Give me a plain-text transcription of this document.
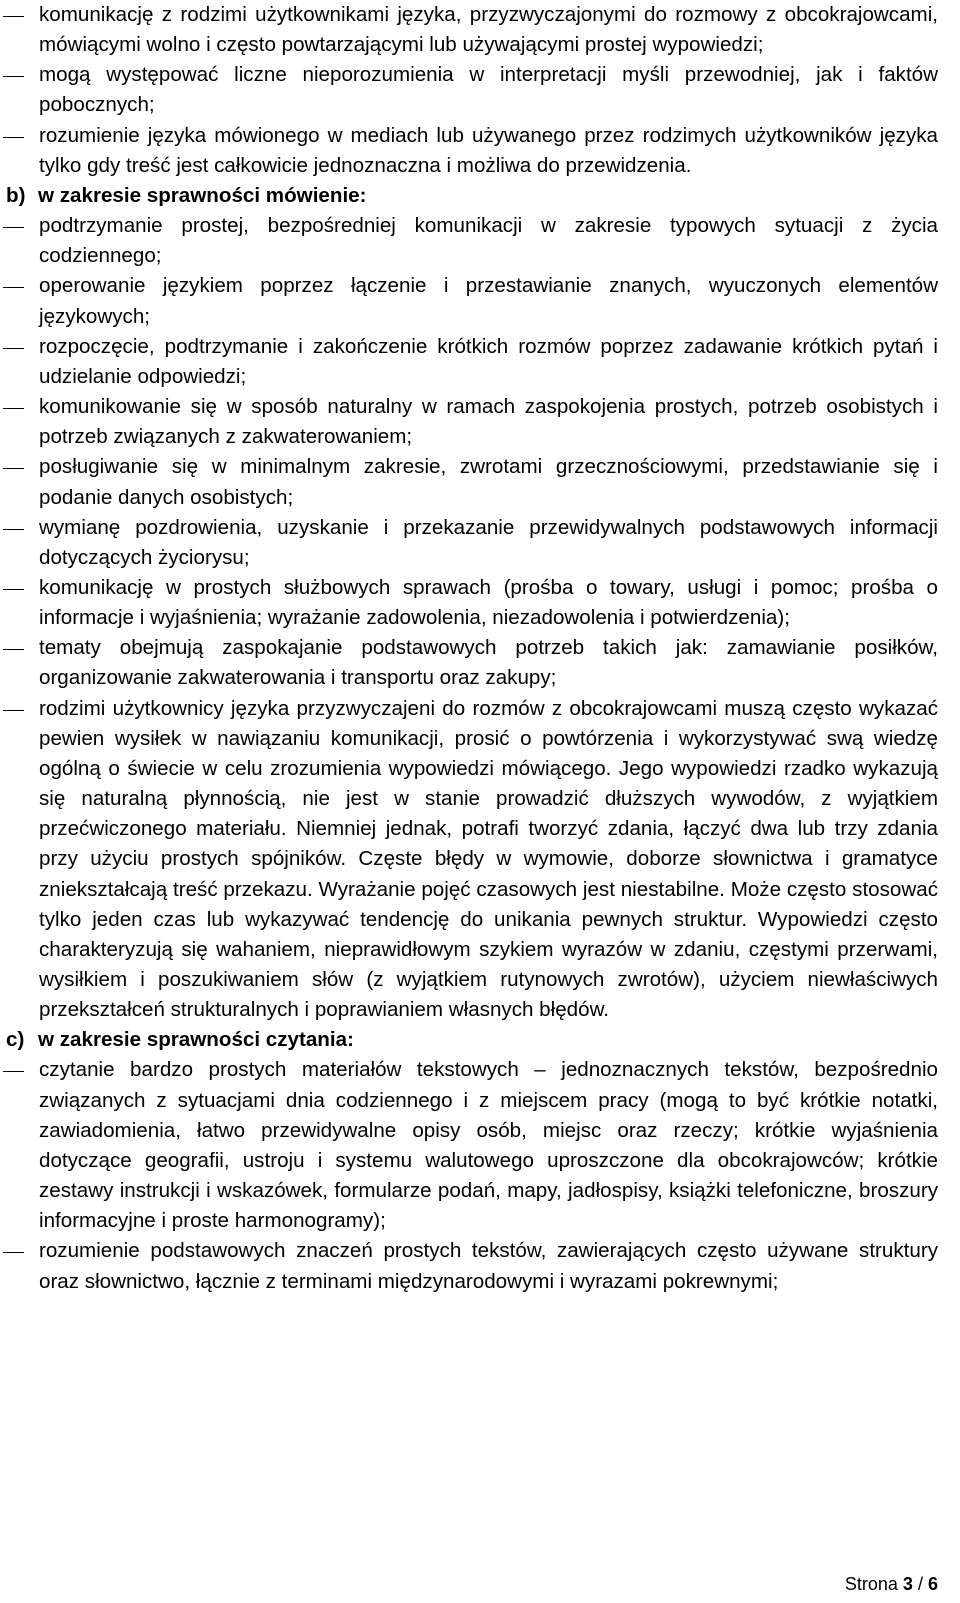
komunikację z rodzimi użytkownikami języka, przyzwyczajonymi do rozmowy z obcokrajowcami, mówiącymi wolno i często powtarzającymi lub używającymi prostej wypowiedzi;

mogą występować liczne nieporozumienia w interpretacji myśli przewodniej, jak i faktów pobocznych;

rozumienie języka mówionego w mediach lub używanego przez rodzimych użytkowników języka tylko gdy treść jest całkowicie jednoznaczna i możliwa do przewidzenia.

b) w zakresie sprawności mówienie:

podtrzymanie prostej, bezpośredniej komunikacji w zakresie typowych sytuacji z życia codziennego;

operowanie językiem poprzez łączenie i przestawianie znanych, wyuczonych elementów językowych;

rozpoczęcie, podtrzymanie i zakończenie krótkich rozmów poprzez zadawanie krótkich pytań i udzielanie odpowiedzi;

komunikowanie się w sposób naturalny w ramach zaspokojenia prostych, potrzeb osobistych i potrzeb związanych z zakwaterowaniem;

posługiwanie się w minimalnym zakresie, zwrotami grzecznościowymi, przedstawianie się i podanie danych osobistych;

wymianę pozdrowienia, uzyskanie i przekazanie przewidywalnych podstawowych informacji dotyczących życiorysu;

komunikację w prostych służbowych sprawach (prośba o towary, usługi i pomoc; prośba o informacje i wyjaśnienia; wyrażanie zadowolenia, niezadowolenia i potwierdzenia);

tematy obejmują zaspokajanie podstawowych potrzeb takich jak: zamawianie posiłków, organizowanie zakwaterowania i transportu oraz zakupy;

rodzimi użytkownicy języka przyzwyczajeni do rozmów z obcokrajowcami muszą często wykazać pewien wysiłek w nawiązaniu komunikacji, prosić o powtórzenia i wykorzystywać swą wiedzę ogólną o świecie w celu zrozumienia wypowiedzi mówiącego. Jego wypowiedzi rzadko wykazują się naturalną płynnością, nie jest w stanie prowadzić dłuższych wywodów, z wyjątkiem przećwiczonego materiału. Niemniej jednak, potrafi tworzyć zdania, łączyć dwa lub trzy zdania przy użyciu prostych spójników. Częste błędy w wymowie, doborze słownictwa i gramatyce zniekształcają treść przekazu. Wyrażanie pojęć czasowych jest niestabilne. Może często stosować tylko jeden czas lub wykazywać tendencję do unikania pewnych struktur. Wypowiedzi często charakteryzują się wahaniem, nieprawidłowym szykiem wyrazów w zdaniu, częstymi przerwami, wysiłkiem i poszukiwaniem słów (z wyjątkiem rutynowych zwrotów), użyciem niewłaściwych przekształceń strukturalnych i poprawianiem własnych błędów.

c) w zakresie sprawności czytania:

czytanie bardzo prostych materiałów tekstowych – jednoznacznych tekstów, bezpośrednio związanych z sytuacjami dnia codziennego i z miejscem pracy (mogą to być krótkie notatki, zawiadomienia, łatwo przewidywalne opisy osób, miejsc oraz rzeczy; krótkie wyjaśnienia dotyczące geografii, ustroju i systemu walutowego uproszczone dla obcokrajowców; krótkie zestawy instrukcji i wskazówek, formularze podań, mapy, jadłospisy, książki telefoniczne, broszury informacyjne i proste harmonogramy);

rozumienie podstawowych znaczeń prostych tekstów, zawierających często używane struktury oraz słownictwo, łącznie z terminami międzynarodowymi i wyrazami pokrewnymi;

Strona 3 / 6
